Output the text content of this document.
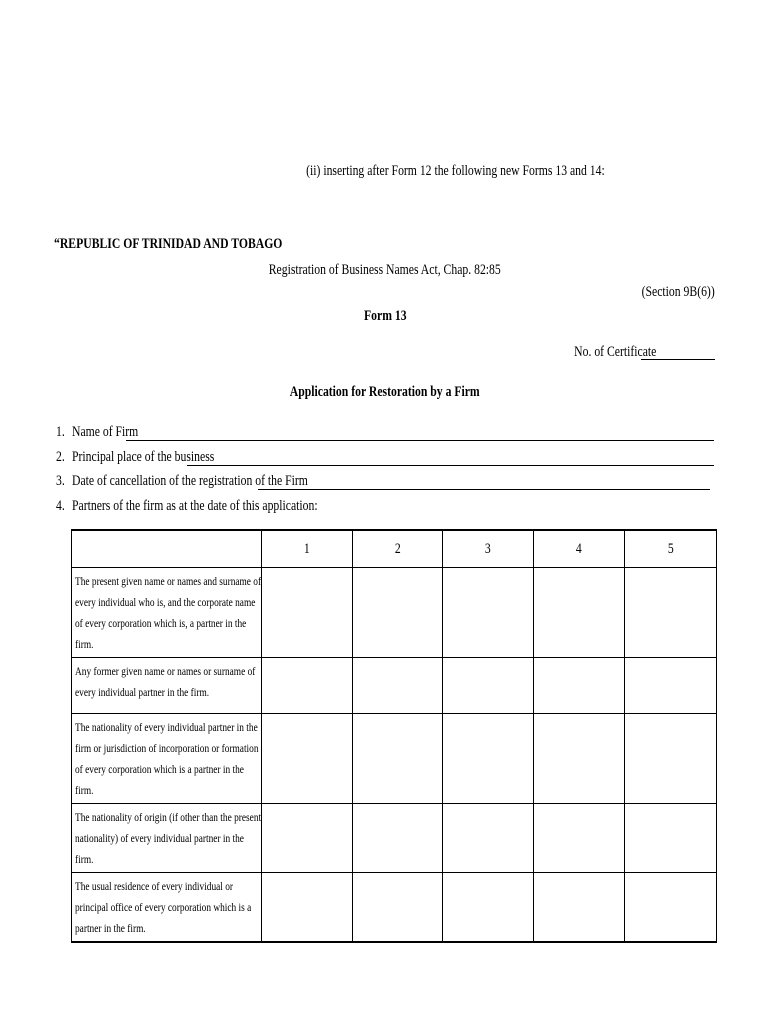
(ii) inserting after Form 12 the following new Forms 13 and 14:
“REPUBLIC OF TRINIDAD AND TOBAGO
Registration of Business Names Act, Chap. 82:85
(Section 9B(6))
Form 13
No. of Certificate
Application for Restoration by a Firm
1. Name of Firm
2. Principal place of the business
3. Date of cancellation of the registration of the Firm
4. Partners of the firm as at the date of this application:
	1	2	3	4	5

The present given name or names and surname of every individual who is, and the corporate name of every corporation which is, a partner in the firm.					

Any former given name or names or surname of every individual partner in the firm.					

The nationality of every individual partner in the firm or jurisdiction of incorporation or formation of every corporation which is a partner in the firm.					

The nationality of origin (if other than the present nationality) of every individual partner in the firm.					

The usual residence of every individual or principal office of every corporation which is a partner in the firm.					
